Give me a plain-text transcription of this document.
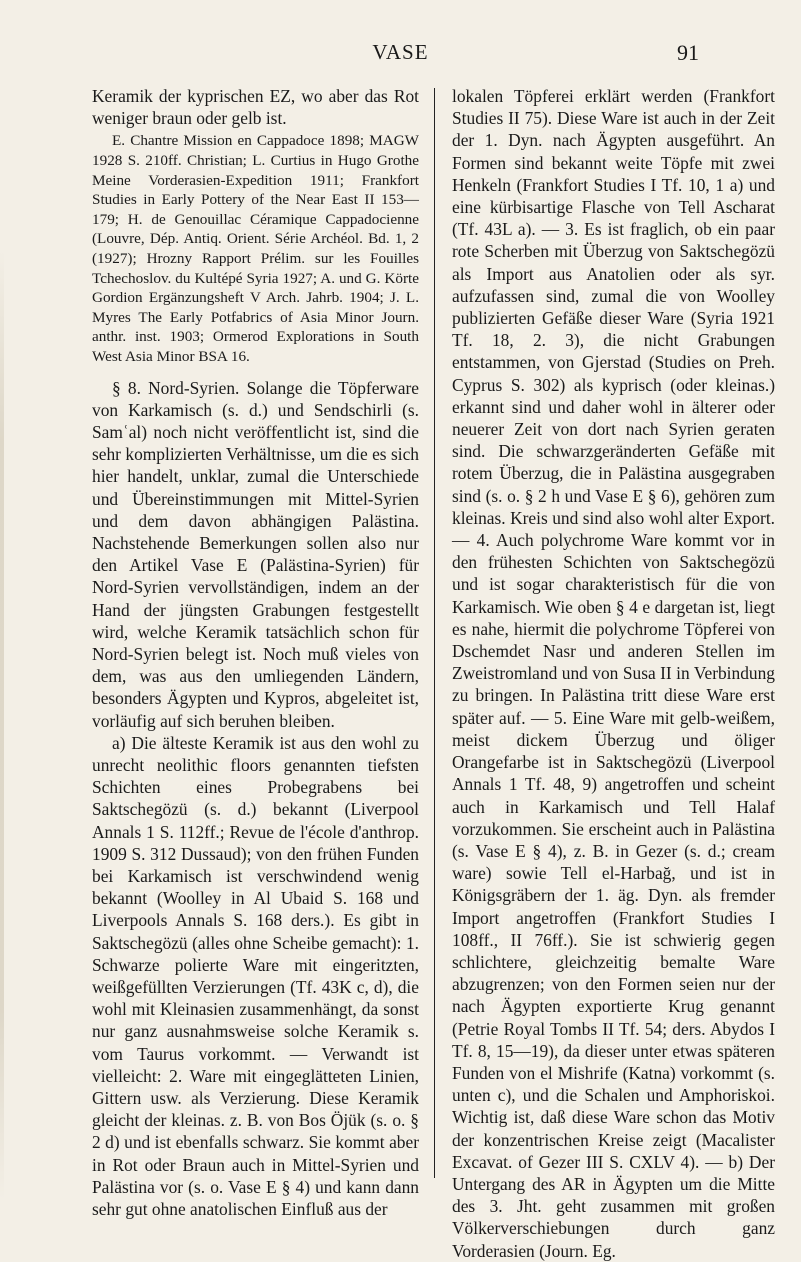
VASE	91

Keramik der kyprischen EZ, wo aber das Rot weniger braun oder gelb ist.

E. Chantre Mission en Cappadoce 1898; MAGW 1928 S. 210ff. Christian; L. Curtius in Hugo Grothe Meine Vorderasien-Expedition 1911; Frankfort Studies in Early Pottery of the Near East II 153—179; H. de Genouillac Céramique Cappadocienne (Louvre, Dép. Antiq. Orient. Série Archéol. Bd. 1, 2 (1927); Hrozny Rapport Prélim. sur les Fouilles Tchechoslov. du Kultépé Syria 1927; A. und G. Körte Gordion Ergänzungsheft V Arch. Jahrb. 1904; J. L. Myres The Early Potfabrics of Asia Minor Journ. anthr. inst. 1903; Ormerod Explorations in South West Asia Minor BSA 16.

§ 8. Nord-Syrien. Solange die Töpferware von Karkamisch (s. d.) und Sendschirli (s. Samʿal) noch nicht veröffentlicht ist, sind die sehr komplizierten Verhältnisse, um die es sich hier handelt, unklar, zumal die Unterschiede und Übereinstimmungen mit Mittel-Syrien und dem davon abhängigen Palästina. Nachstehende Bemerkungen sollen also nur den Artikel Vase E (Palästina-Syrien) für Nord-Syrien vervollständigen, indem an der Hand der jüngsten Grabungen festgestellt wird, welche Keramik tatsächlich schon für Nord-Syrien belegt ist. Noch muß vieles von dem, was aus den umliegenden Ländern, besonders Ägypten und Kypros, abgeleitet ist, vorläufig auf sich beruhen bleiben.

a) Die älteste Keramik ist aus den wohl zu unrecht neolithic floors genannten tiefsten Schichten eines Probegrabens bei Saktschegözü (s. d.) bekannt (Liverpool Annals 1 S. 112ff.; Revue de l'école d'anthrop. 1909 S. 312 Dussaud); von den frühen Funden bei Karkamisch ist verschwindend wenig bekannt (Woolley in Al Ubaid S. 168 und Liverpools Annals S. 168 ders.). Es gibt in Saktschegözü (alles ohne Scheibe gemacht): 1. Schwarze polierte Ware mit eingeritzten, weißgefüllten Verzierungen (Tf. 43K c, d), die wohl mit Kleinasien zusammenhängt, da sonst nur ganz ausnahmsweise solche Keramik s. vom Taurus vorkommt. — Verwandt ist vielleicht: 2. Ware mit eingeglätteten Linien, Gittern usw. als Verzierung. Diese Keramik gleicht der kleinas. z. B. von Bos Öjük (s. o. § 2 d) und ist ebenfalls schwarz. Sie kommt aber in Rot oder Braun auch in Mittel-Syrien und Palästina vor (s. o. Vase E § 4) und kann dann sehr gut ohne anatolischen Einfluß aus der

lokalen Töpferei erklärt werden (Frankfort Studies II 75). Diese Ware ist auch in der Zeit der 1. Dyn. nach Ägypten ausgeführt. An Formen sind bekannt weite Töpfe mit zwei Henkeln (Frankfort Studies I Tf. 10, 1 a) und eine kürbisartige Flasche von Tell Ascharat (Tf. 43L a). — 3. Es ist fraglich, ob ein paar rote Scherben mit Überzug von Saktschegözü als Import aus Anatolien oder als syr. aufzufassen sind, zumal die von Woolley publizierten Gefäße dieser Ware (Syria 1921 Tf. 18, 2. 3), die nicht Grabungen entstammen, von Gjerstad (Studies on Preh. Cyprus S. 302) als kyprisch (oder kleinas.) erkannt sind und daher wohl in älterer oder neuerer Zeit von dort nach Syrien geraten sind. Die schwarzgeränderten Gefäße mit rotem Überzug, die in Palästina ausgegraben sind (s. o. § 2 h und Vase E § 6), gehören zum kleinas. Kreis und sind also wohl alter Export. — 4. Auch polychrome Ware kommt vor in den frühesten Schichten von Saktschegözü und ist sogar charakteristisch für die von Karkamisch. Wie oben § 4 e dargetan ist, liegt es nahe, hiermit die polychrome Töpferei von Dschemdet Nasr und anderen Stellen im Zweistromland und von Susa II in Verbindung zu bringen. In Palästina tritt diese Ware erst später auf. — 5. Eine Ware mit gelb-weißem, meist dickem Überzug und öliger Orangefarbe ist in Saktschegözü (Liverpool Annals 1 Tf. 48, 9) angetroffen und scheint auch in Karkamisch und Tell Halaf vorzukommen. Sie erscheint auch in Palästina (s. Vase E § 4), z. B. in Gezer (s. d.; cream ware) sowie Tell el-Harbağ, und ist in Königsgräbern der 1. äg. Dyn. als fremder Import angetroffen (Frankfort Studies I 108ff., II 76ff.). Sie ist schwierig gegen schlichtere, gleichzeitig bemalte Ware abzugrenzen; von den Formen seien nur der nach Ägypten exportierte Krug genannt (Petrie Royal Tombs II Tf. 54; ders. Abydos I Tf. 8, 15—19), da dieser unter etwas späteren Funden von el Mishrife (Katna) vorkommt (s. unten c), und die Schalen und Amphoriskoi. Wichtig ist, daß diese Ware schon das Motiv der konzentrischen Kreise zeigt (Macalister Excavat. of Gezer III S. CXLV 4). — b) Der Untergang des AR in Ägypten um die Mitte des 3. Jht. geht zusammen mit großen Völkerverschiebungen durch ganz Vorderasien (Journ. Eg.
